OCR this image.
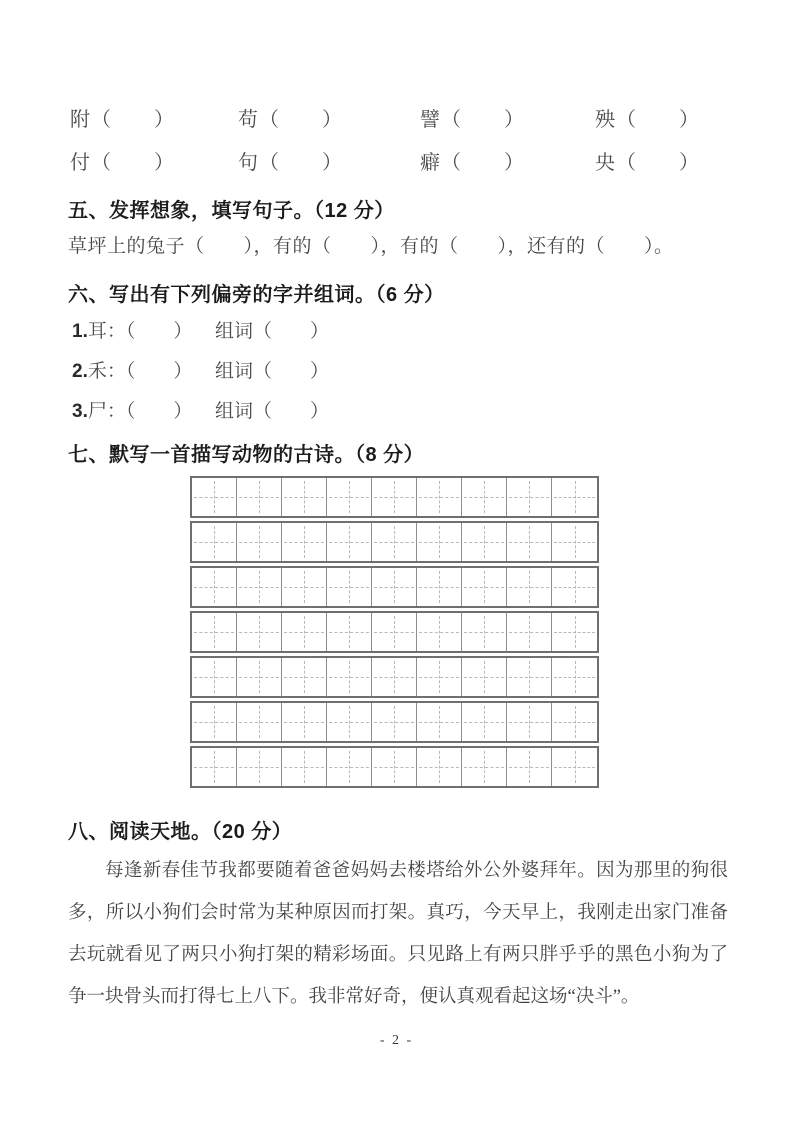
附（　　）	苟（　　）	譬（　　）	殃（　　）
付（　　）	句（　　）	癖（　　）	央（　　）
五、发挥想象，填写句子。（12 分）
草坪上的兔子（　　），有的（　　），有的（　　），还有的（　　）。
六、写出有下列偏旁的字并组词。（6 分）
1.耳：（　　） 组词（　　）
2.禾：（　　） 组词（　　）
3.尸：（　　） 组词（　　）
七、默写一首描写动物的古诗。（8 分）
八、阅读天地。（20 分）
每逢新春佳节我都要随着爸爸妈妈去楼塔给外公外婆拜年。因为那里的狗很
多，所以小狗们会时常为某种原因而打架。真巧，今天早上，我刚走出家门准备
去玩就看见了两只小狗打架的精彩场面。只见路上有两只胖乎乎的黑色小狗为了
争一块骨头而打得七上八下。我非常好奇，便认真观看起这场“决斗”。
- 2 -
